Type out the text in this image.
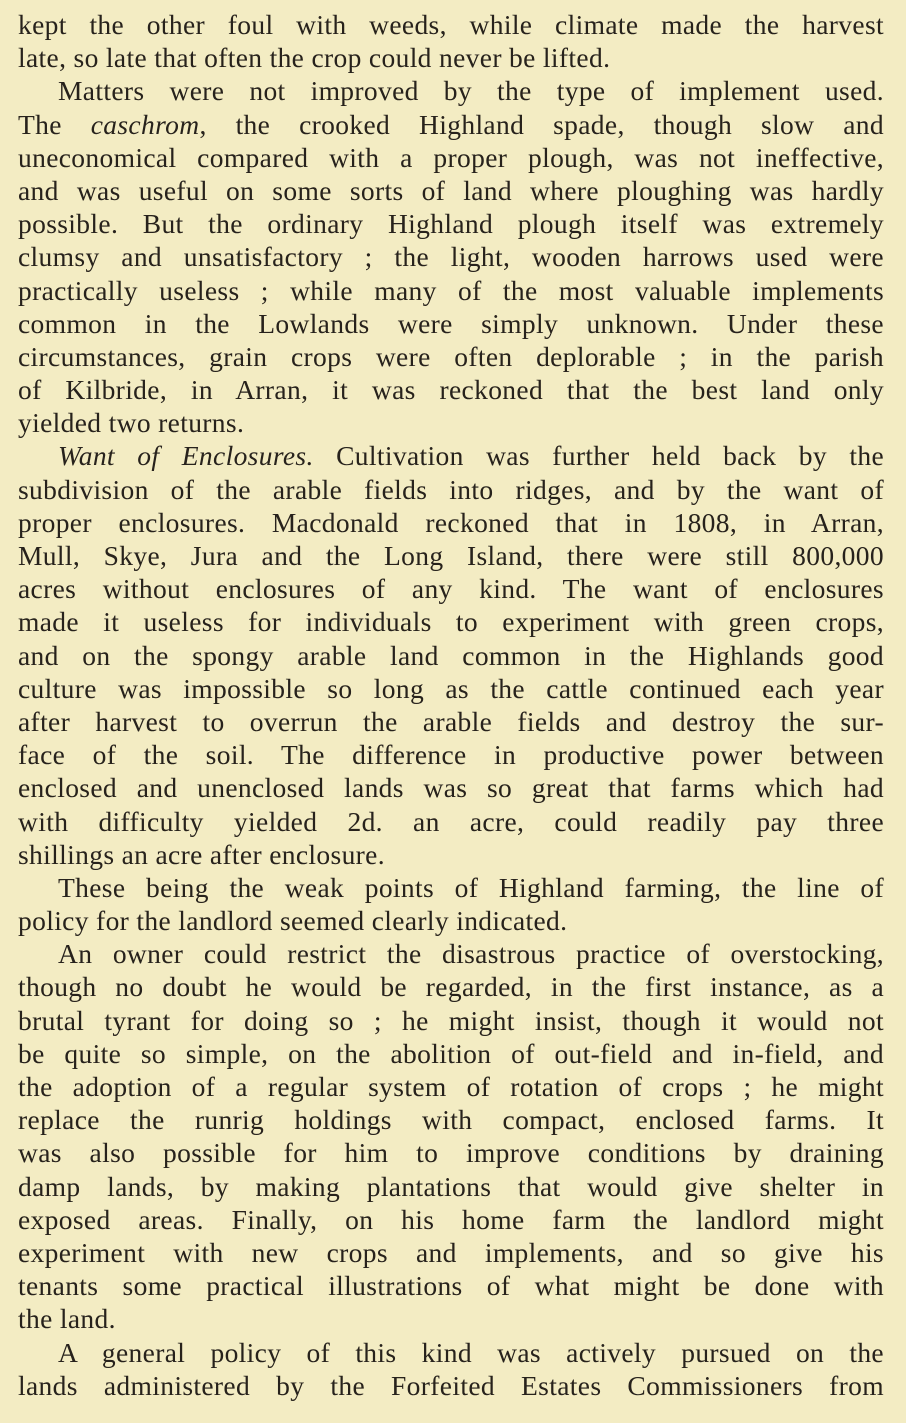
kept the other foul with weeds, while climate made the harvest
late, so late that often the crop could never be lifted.
Matters were not improved by the type of implement used.
The caschrom, the crooked Highland spade, though slow and
uneconomical compared with a proper plough, was not ineffective,
and was useful on some sorts of land where ploughing was hardly
possible. But the ordinary Highland plough itself was extremely
clumsy and unsatisfactory ; the light, wooden harrows used were
practically useless ; while many of the most valuable implements
common in the Lowlands were simply unknown. Under these
circumstances, grain crops were often deplorable ; in the parish
of Kilbride, in Arran, it was reckoned that the best land only
yielded two returns.
Want of Enclosures. Cultivation was further held back by the
subdivision of the arable fields into ridges, and by the want of
proper enclosures. Macdonald reckoned that in 1808, in Arran,
Mull, Skye, Jura and the Long Island, there were still 800,000
acres without enclosures of any kind. The want of enclosures
made it useless for individuals to experiment with green crops,
and on the spongy arable land common in the Highlands good
culture was impossible so long as the cattle continued each year
after harvest to overrun the arable fields and destroy the sur-
face of the soil. The difference in productive power between
enclosed and unenclosed lands was so great that farms which had
with difficulty yielded 2d. an acre, could readily pay three
shillings an acre after enclosure.
These being the weak points of Highland farming, the line of
policy for the landlord seemed clearly indicated.
An owner could restrict the disastrous practice of overstocking,
though no doubt he would be regarded, in the first instance, as a
brutal tyrant for doing so ; he might insist, though it would not
be quite so simple, on the abolition of out-field and in-field, and
the adoption of a regular system of rotation of crops ; he might
replace the runrig holdings with compact, enclosed farms. It
was also possible for him to improve conditions by draining
damp lands, by making plantations that would give shelter in
exposed areas. Finally, on his home farm the landlord might
experiment with new crops and implements, and so give his
tenants some practical illustrations of what might be done with
the land.
A general policy of this kind was actively pursued on the
lands administered by the Forfeited Estates Commissioners from
